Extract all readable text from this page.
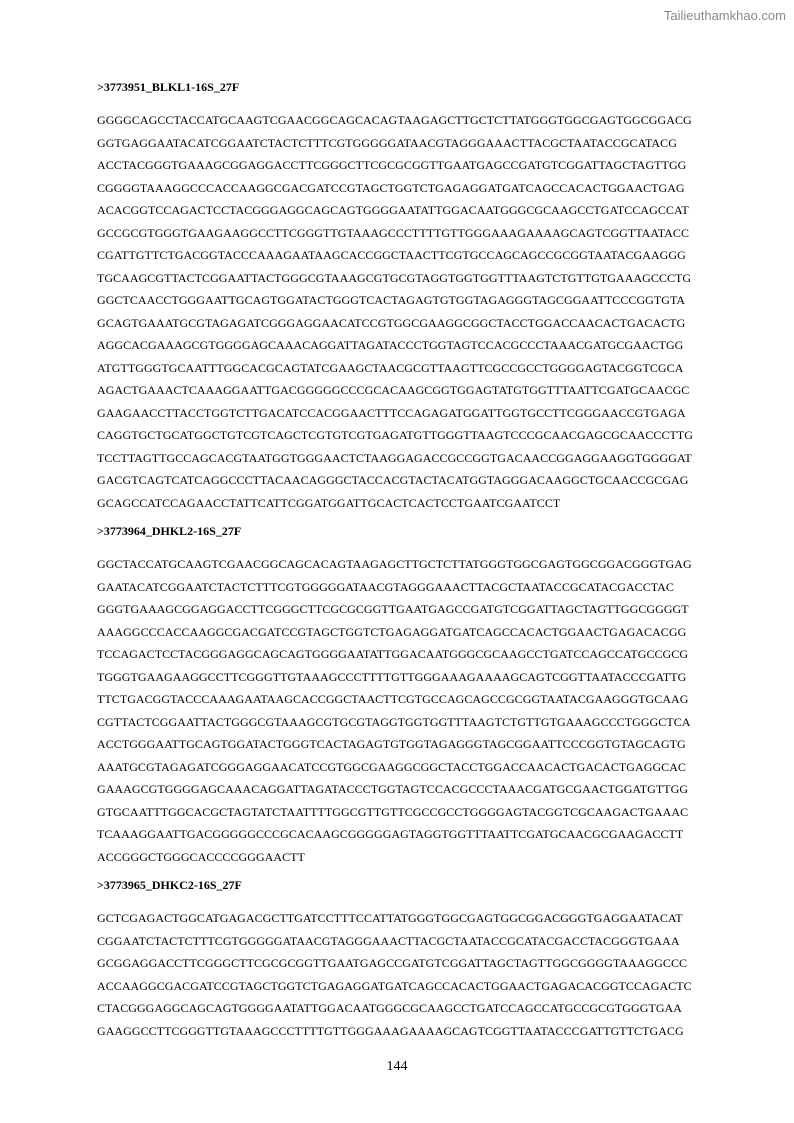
Tailieuthamkhao.com
>3773951_BLKL1-16S_27F
GGGGCAGCCTACCATGCAAGTCGAACGGCAGCACAGTAAGAGCTTGCTCTTATGGGTGGCGAGTGGCGGACG
GGTGAGGAATACATCGGAATCTACTCTTTCGTGGGGGATAACGTAGGGAAACTTACGCTAATACCGCATACG
ACCTACGGGTGAAAGCGGAGGACCTTCGGGCTTCGCGCGGTTGAATGAGCCGATGTCGGATTAGCTAGTTGG
CGGGGTAAAGGCCCACCAAGGCGACGATCCGTAGCTGGTCTGAGAGGATGATCAGCCACACTGGAACTGAG
ACACGGTCCAGACTCCTACGGGAGGCAGCAGTGGGGAATATTGGACAATGGGCGCAAGCCTGATCCAGCCAT
GCCGCGTGGGTGAAGAAGGCCTTCGGGTTGTAAAGCCCTTTTGTTGGGAAAGAAAAGCAGTCGGTTAATACC
CGATTGTTCTGACGGTACCCAAAGAATAAGCACCGGCTAACTTCGTGCCAGCAGCCGCGGTAATACGAAGGG
TGCAAGCGTTACTCGGAATTACTGGGCGTAAAGCGTGCGTAGGTGGTGGTTTAAGTCTGTTGTGAAAGCCCTG
GGCTCAACCTGGGAATTGCAGTGGATACTGGGTCACTAGAGTGTGGTAGAGGGTAGCGGAATTCCCGGTGTA
GCAGTGAAATGCGTAGAGATCGGGAGGAACATCCGTGGCGAAGGCGGCTACCTGGACCAACACTGACACTG
AGGCACGAAAGCGTGGGGAGCAAACAGGATTAGATACCCTGGTAGTCCACGCCCTAAACGATGCGAACTGG
ATGTTGGGTGCAATTTGGCACGCAGTATCGAAGCTAACGCGTTAAGTTCGCCGCCTGGGGAGTACGGTCGCA
AGACTGAAACTCAAAGGAATTGACGGGGGCCCGCACAAGCGGTGGAGTATGTGGTTTAATTCGATGCAACGC
GAAGAACCTTACCTGGTCTTGACATCCACGGAACTTTCCAGAGATGGATTGGTGCCTTCGGGAACCGTGAGA
CAGGTGCTGCATGGCTGTCGTCAGCTCGTGTCGTGAGATGTTGGGTTAAGTCCCGCAACGAGCGCAACCCTTG
TCCTTAGTTGCCAGCACGTAATGGTGGGAACTCTAAGGAGACCGCCGGTGACAACCGGAGGAAGGTGGGGAT
GACGTCAGTCATCAGGCCCTTACAACAGGGCTACCACGTACTACATGGTAGGGACAAGGCTGCAACCGCGAG
GCAGCCATCCAGAACCTATTCATTCGGATGGATTGCACTCACTCCTGAATCGAATCCT
>3773964_DHKL2-16S_27F
GGCTACCATGCAAGTCGAACGGCAGCACAGTAAGAGCTTGCTCTTATGGGTGGCGAGTGGCGGACGGGTGAG
GAATACATCGGAATCTACTCTTTCGTGGGGGATAACGTAGGGAAACTTACGCTAATACCGCATACGACCTAC
GGGTGAAAGCGGAGGACCTTCGGGCTTCGCGCGGTTGAATGAGCCGATGTCGGATTAGCTAGTTGGCGGGGT
AAAGGCCCACCAAGGCGACGATCCGTAGCTGGTCTGAGAGGATGATCAGCCACACTGGAACTGAGACACGG
TCCAGACTCCTACGGGAGGCAGCAGTGGGGAATATTGGACAATGGGCGCAAGCCTGATCCAGCCATGCCGCG
TGGGTGAAGAAGGCCTTCGGGTTGTAAAGCCCTTTTGTTGGGAAAGAAAAGCAGTCGGTTAATACCCGATTG
TTCTGACGGTACCCAAAGAATAAGCACCGGCTAACTTCGTGCCAGCAGCCGCGGTAATACGAAGGGTGCAAG
CGTTACTCGGAATTACTGGGCGTAAAGCGTGCGTAGGTGGTGGTTTAAGTCTGTTGTGAAAGCCCTGGGCTCA
ACCTGGGAATTGCAGTGGATACTGGGTCACTAGAGTGTGGTAGAGGGTAGCGGAATTCCCGGTGTAGCAGTG
AAATGCGTAGAGATCGGGAGGAACATCCGTGGCGAAGGCGGCTACCTGGACCAACACTGACACTGAGGCAC
GAAAGCGTGGGGAGCAAACAGGATTAGATACCCTGGTAGTCCACGCCCTAAACGATGCGAACTGGATGTTGG
GTGCAATTTGGCACGCTAGTATCTAATTTTGGCGTTGTTCGCCGCCTGGGGAGTACGGTCGCAAGACTGAAAC
TCAAAGGAATTGACGGGGGCCCGCACAAGCGGGGGAGTAGGTGGTTTAATTCGATGCAACGCGAAGACCTT
ACCGGGCTGGGCACCCCGGGAACTT
>3773965_DHKC2-16S_27F
GCTCGAGACTGGCATGAGACGCTTGATCCTTTCCATTATGGGTGGCGAGTGGCGGACGGGTGAGGAATACAT
CGGAATCTACTCTTTCGTGGGGGATAACGTAGGGAAACTTACGCTAATACCGCATACGACCTACGGGTGAAA
GCGGAGGACCTTCGGGCTTCGCGCGGTTGAATGAGCCGATGTCGGATTAGCTAGTTGGCGGGGTAAAGGCCC
ACCAAGGCGACGATCCGTAGCTGGTCTGAGAGGATGATCAGCCACACTGGAACTGAGACACGGTCCAGACTC
CTACGGGAGGCAGCAGTGGGGAATATTGGACAATGGGCGCAAGCCTGATCCAGCCATGCCGCGTGGGTGAA
GAAGGCCTTCGGGTTGTAAAGCCCTTTTGTTGGGAAAGAAAAGCAGTCGGTTAATACCCGATTGTTCTGACG
144
